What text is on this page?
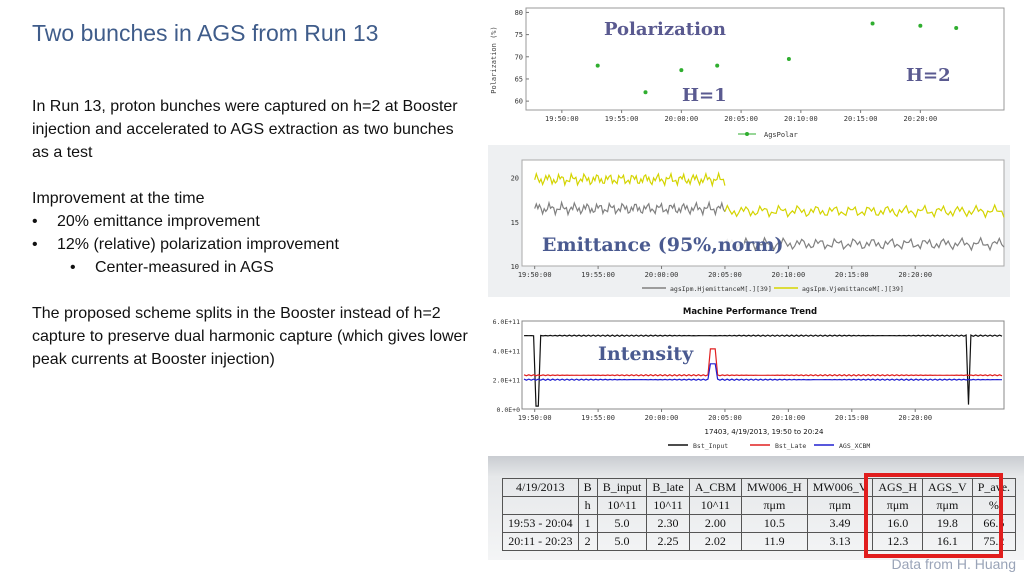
Two bunches in AGS from Run 13

In Run 13, proton bunches were captured on h=2 at Booster injection and accelerated to AGS extraction as two bunches as a test

Improvement at the time

•	20% emittance improvement
•	12% (relative) polarization improvement
•	Center-measured in AGS

The proposed scheme splits in the Booster instead of h=2 capture to preserve dual harmonic capture (which gives lower peak currents at Booster injection)

Polarization (%)
80
75
70
65
60
19:50:00	19:55:00	20:00:00	20:05:00	20:10:00	20:15:00	20:20:00
Polarization
H=1
H=2
AgsPolar
20
15
10
19:50:00	19:55:00	20:00:00	20:05:00	20:10:00	20:15:00	20:20:00
Emittance (95%,norm)
agsIpm.HjemittanceM[.][39]	agsIpm.VjemittanceM[.][39]
Machine Performance Trend
6.0E+11
4.0E+11
2.0E+11
0.0E+0
19:50:00	19:55:00	20:00:00	20:05:00	20:10:00	20:15:00	20:20:00
Intensity
17403, 4/19/2013, 19:50 to 20:24
Bst_Input	Bst_Late	AGS_XCBM
4/19/2013	B	B_input	B_late	A_CBM	MW006_H	MW006_V	AGS_H	AGS_V	P_ave.
	h	10^11	10^11	10^11	πμm	πμm	πμm	πμm	%
19:53 - 20:04	1	5.0	2.30	2.00	10.5	3.49	16.0	19.8	66.5
20:11 - 20:23	2	5.0	2.25	2.02	11.9	3.13	12.3	16.1	75.2
Data from H. Huang
